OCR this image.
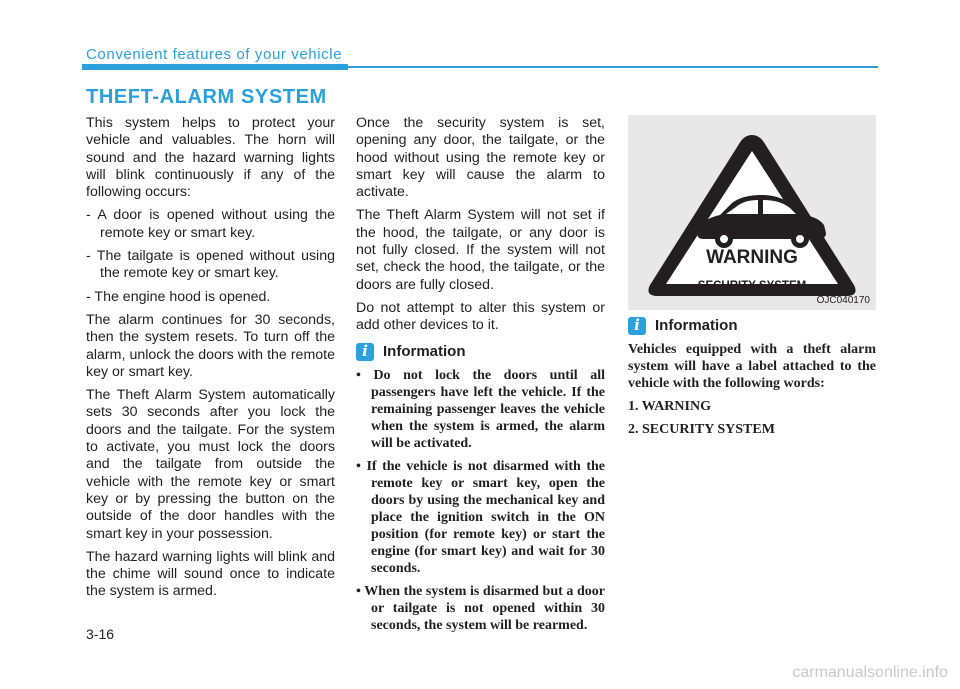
Convenient features of your vehicle
THEFT-ALARM SYSTEM

This system helps to protect your vehicle and valuables. The horn will sound and the hazard warning lights will blink continuously if any of the following occurs:

- A door is opened without using the remote key or smart key.
- The tailgate is opened without using the remote key or smart key.
- The engine hood is opened.

The alarm continues for 30 seconds, then the system resets. To turn off the alarm, unlock the doors with the remote key or smart key.

The Theft Alarm System automatically sets 30 seconds after you lock the doors and the tailgate. For the system to activate, you must lock the doors and the tailgate from outside the vehicle with the remote key or smart key or by pressing the button on the outside of the door handles with the smart key in your possession.

The hazard warning lights will blink and the chime will sound once to indicate the system is armed.

Once the security system is set, opening any door, the tailgate, or the hood without using the remote key or smart key will cause the alarm to activate.

The Theft Alarm System will not set if the hood, the tailgate, or any door is not fully closed. If the system will not set, check the hood, the tailgate, or the doors are fully closed.

Do not attempt to alter this system or add other devices to it.

i	Information
• Do not lock the doors until all passengers have left the vehicle. If the remaining passenger leaves the vehicle when the system is armed, the alarm will be activated.
• If the vehicle is not disarmed with the remote key or smart key, open the doors by using the mechanical key and place the ignition switch in the ON position (for remote key) or start the engine (for smart key) and wait for 30 seconds.
• When the system is disarmed but a door or tailgate is not opened within 30 seconds, the system will be rearmed.
WARNING
SECURITY SYSTEM
OJC040170
i	Information

Vehicles equipped with a theft alarm system will have a label attached to the vehicle with the following words:

1. WARNING

2. SECURITY SYSTEM

3-16
carmanualsonline.info
